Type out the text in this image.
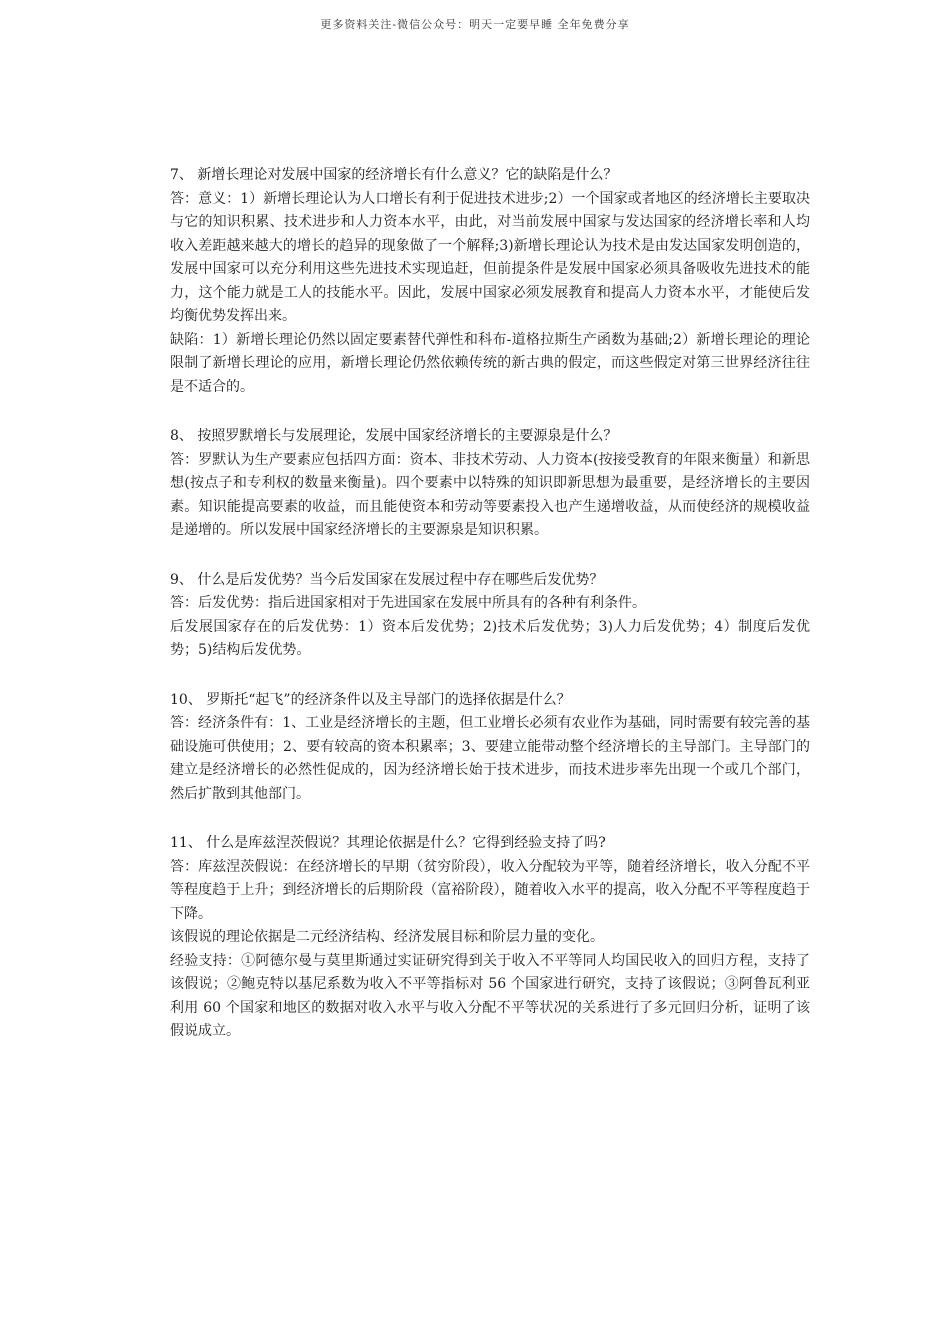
更多资料关注-微信公众号：明天一定要早睡 全年免费分享

7、 新增长理论对发展中国家的经济增长有什么意义？它的缺陷是什么？

答：意义：1）新增长理论认为人口增长有利于促进技术进步;2）一个国家或者地区的经济增长主要取决与它的知识积累、技术进步和人力资本水平，由此，对当前发展中国家与发达国家的经济增长率和人均收入差距越来越大的增长的趋异的现象做了一个解释;3)新增长理论认为技术是由发达国家发明创造的，发展中国家可以充分利用这些先进技术实现追赶，但前提条件是发展中国家必须具备吸收先进技术的能力，这个能力就是工人的技能水平。因此，发展中国家必须发展教育和提高人力资本水平，才能使后发均衡优势发挥出来。

缺陷：1）新增长理论仍然以固定要素替代弹性和科布-道格拉斯生产函数为基础;2）新增长理论的理论限制了新增长理论的应用，新增长理论仍然依赖传统的新古典的假定，而这些假定对第三世界经济往往是不适合的。

8、 按照罗默增长与发展理论，发展中国家经济增长的主要源泉是什么？

答：罗默认为生产要素应包括四方面：资本、非技术劳动、人力资本(按接受教育的年限来衡量）和新思想(按点子和专利权的数量来衡量)。四个要素中以特殊的知识即新思想为最重要，是经济增长的主要因素。知识能提高要素的收益，而且能使资本和劳动等要素投入也产生递增收益，从而使经济的规模收益是递增的。所以发展中国家经济增长的主要源泉是知识积累。

9、 什么是后发优势？当今后发国家在发展过程中存在哪些后发优势？

答：后发优势：指后进国家相对于先进国家在发展中所具有的各种有利条件。

后发展国家存在的后发优势：1）资本后发优势；2)技术后发优势；3)人力后发优势；4）制度后发优势；5)结构后发优势。

10、 罗斯托“起飞”的经济条件以及主导部门的选择依据是什么？

答：经济条件有：1、工业是经济增长的主题，但工业增长必须有农业作为基础，同时需要有较完善的基础设施可供使用；2、要有较高的资本积累率；3、要建立能带动整个经济增长的主导部门。主导部门的建立是经济增长的必然性促成的，因为经济增长始于技术进步，而技术进步率先出现一个或几个部门，然后扩散到其他部门。

11、 什么是库兹涅茨假说？其理论依据是什么？它得到经验支持了吗?

答：库兹涅茨假说：在经济增长的早期（贫穷阶段），收入分配较为平等，随着经济增长，收入分配不平等程度趋于上升；到经济增长的后期阶段（富裕阶段），随着收入水平的提高，收入分配不平等程度趋于下降。

该假说的理论依据是二元经济结构、经济发展目标和阶层力量的变化。

经验支持：①阿德尔曼与莫里斯通过实证研究得到关于收入不平等同人均国民收入的回归方程，支持了该假说；②鲍克特以基尼系数为收入不平等指标对 56 个国家进行研究，支持了该假说；③阿鲁瓦利亚利用 60 个国家和地区的数据对收入水平与收入分配不平等状况的关系进行了多元回归分析，证明了该假说成立。
